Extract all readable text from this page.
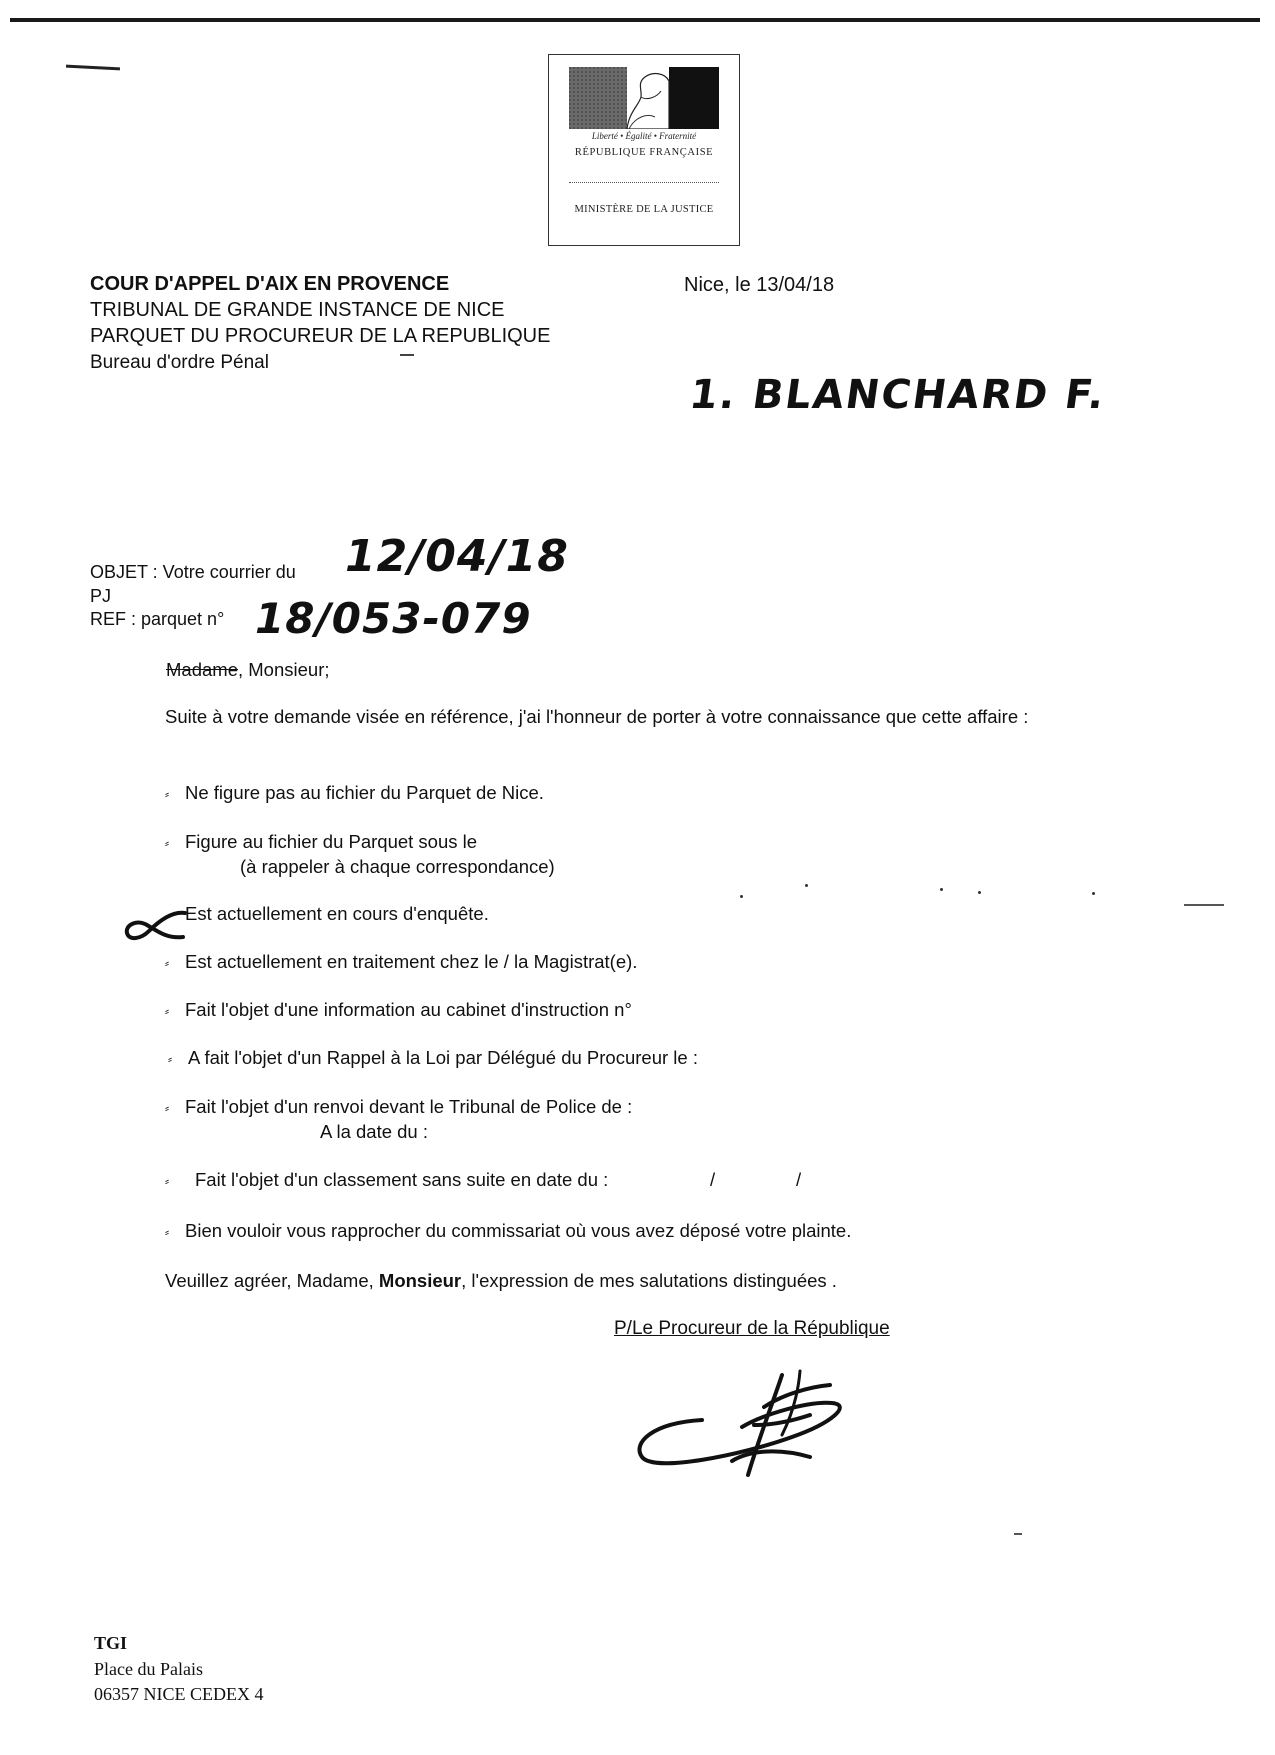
Liberté • Égalité • Fraternité
RÉPUBLIQUE FRANÇAISE
MINISTÈRE DE LA JUSTICE
COUR D'APPEL D'AIX EN PROVENCE
TRIBUNAL DE GRANDE INSTANCE DE NICE
PARQUET DU PROCUREUR DE LA REPUBLIQUE
Bureau d'ordre Pénal
Nice, le 13/04/18
1. BLANCHARD F.
OBJET : Votre courrier du 12/04/18
PJ
REF : parquet n° 18/053-079
Madame, Monsieur;
Suite à votre demande visée en référence, j'ai l'honneur de porter à votre connaissance que cette affaire :
⸗ Ne figure pas au fichier du Parquet de Nice.
⸗ Figure au fichier du Parquet sous le
(à rappeler à chaque correspondance)
Est actuellement en cours d'enquête.
⸗ Est actuellement en traitement chez le / la Magistrat(e).
⸗ Fait l'objet d'une information au cabinet d'instruction n°
⸗ A fait l'objet d'un Rappel à la Loi par Délégué du Procureur le :
⸗ Fait l'objet d'un renvoi devant le Tribunal de Police de :
A la date du :
⸗ Fait l'objet d'un classement sans suite en date du :	/	/
⸗ Bien vouloir vous rapprocher du commissariat où vous avez déposé votre plainte.
Veuillez agréer, Madame, Monsieur, l'expression de mes salutations distinguées .
P/Le Procureur de la République
TGI
Place du Palais
06357 NICE CEDEX 4
